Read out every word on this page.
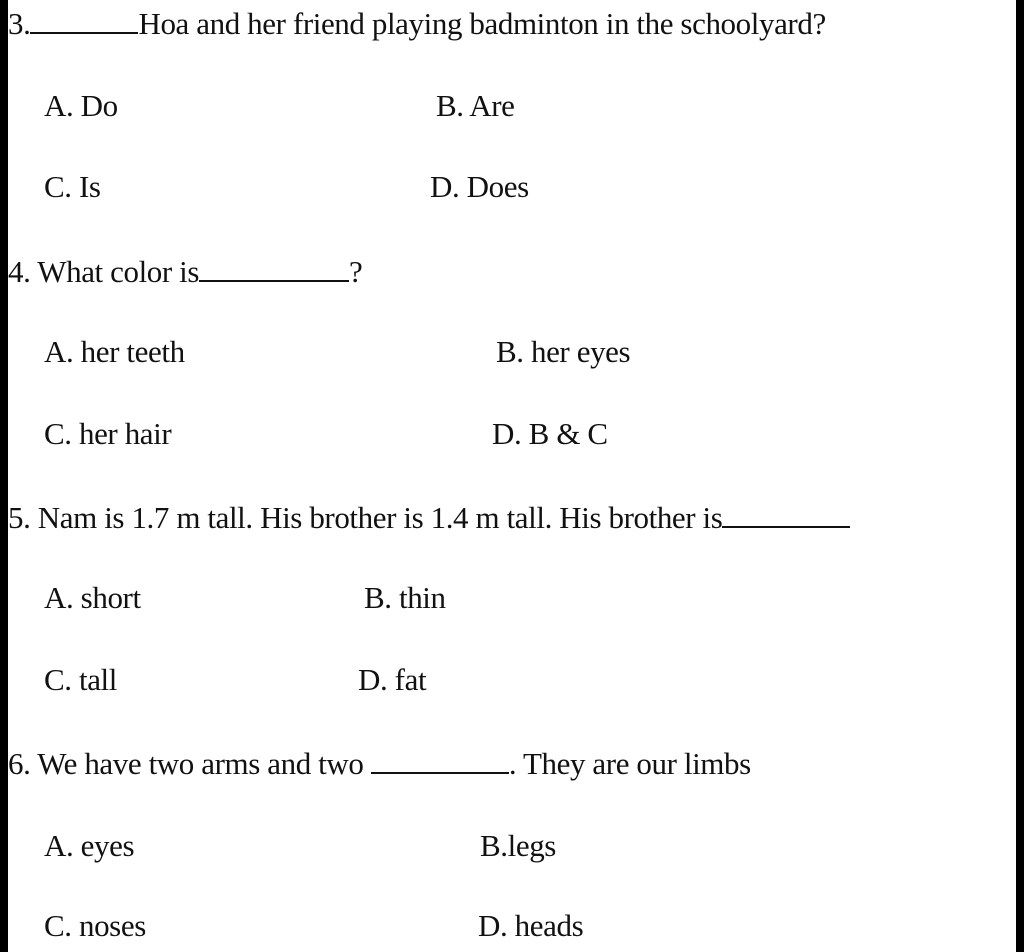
3.	Hoa and her friend playing badminton in the schoolyard?
A. Do	B. Are
C. Is	D. Does
4. What color is	?
A. her teeth	B. her eyes
C. her hair	D. B & C
5. Nam is 1.7 m tall. His brother is 1.4 m tall. His brother is
A. short	B. thin
C. tall	D. fat
6. We have two arms and two	. They are our limbs
A. eyes	B.legs
C. noses	D. heads
